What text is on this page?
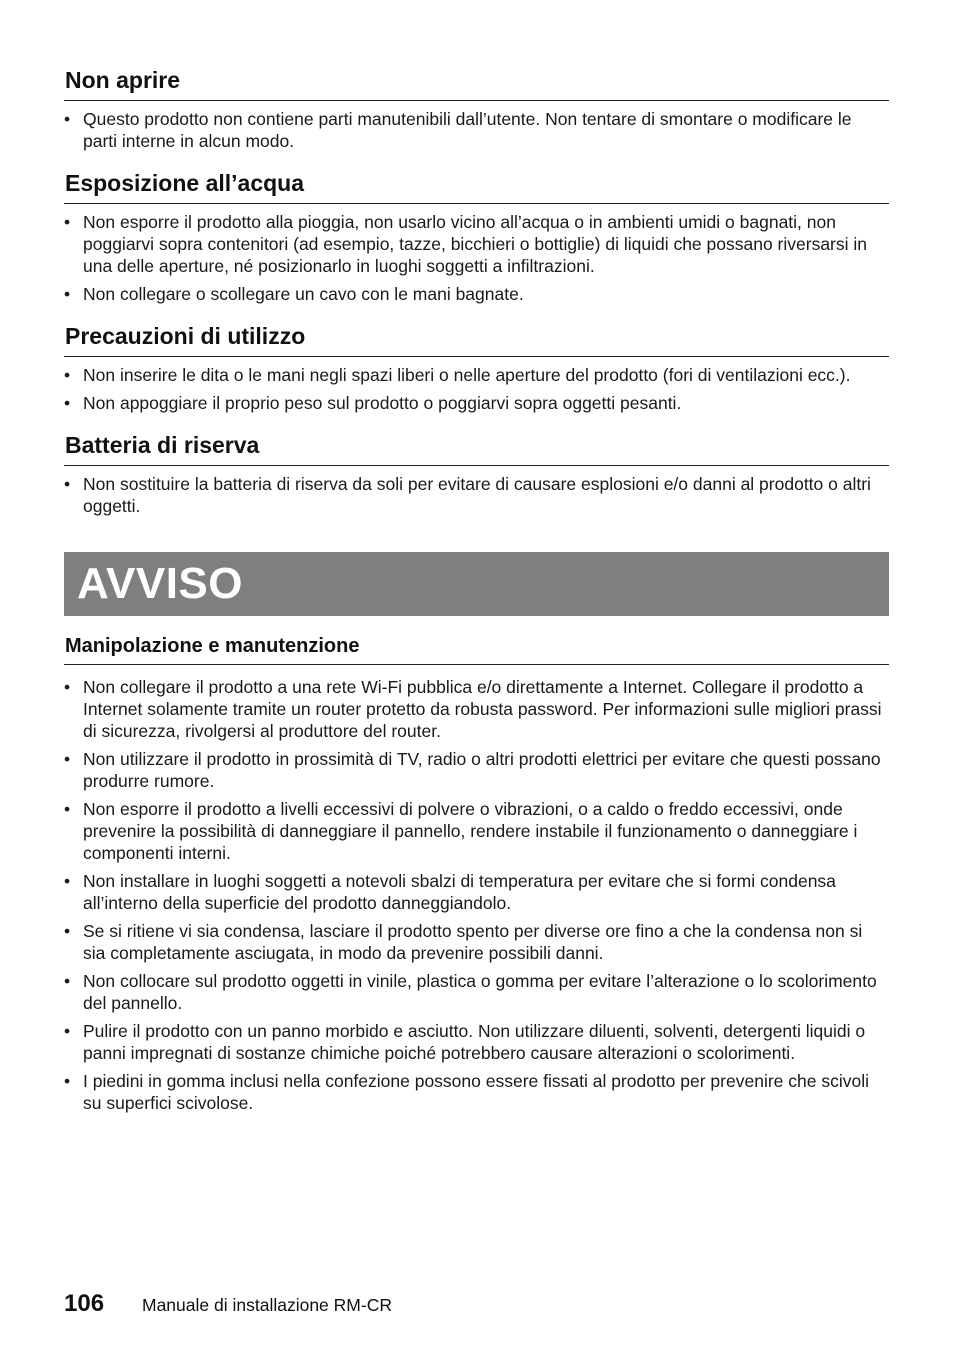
Non aprire
• Questo prodotto non contiene parti manutenibili dall’utente. Non tentare di smontare o modificare le parti interne in alcun modo.
Esposizione all’acqua
• Non esporre il prodotto alla pioggia, non usarlo vicino all’acqua o in ambienti umidi o bagnati, non poggiarvi sopra contenitori (ad esempio, tazze, bicchieri o bottiglie) di liquidi che possano riversarsi in una delle aperture, né posizionarlo in luoghi soggetti a infiltrazioni.
• Non collegare o scollegare un cavo con le mani bagnate.
Precauzioni di utilizzo
• Non inserire le dita o le mani negli spazi liberi o nelle aperture del prodotto (fori di ventilazioni ecc.).
• Non appoggiare il proprio peso sul prodotto o poggiarvi sopra oggetti pesanti.
Batteria di riserva
• Non sostituire la batteria di riserva da soli per evitare di causare esplosioni e/o danni al prodotto o altri oggetti.
AVVISO
Manipolazione e manutenzione
• Non collegare il prodotto a una rete Wi-Fi pubblica e/o direttamente a Internet. Collegare il prodotto a Internet solamente tramite un router protetto da robusta password. Per informazioni sulle migliori prassi di sicurezza, rivolgersi al produttore del router.
• Non utilizzare il prodotto in prossimità di TV, radio o altri prodotti elettrici per evitare che questi possano produrre rumore.
• Non esporre il prodotto a livelli eccessivi di polvere o vibrazioni, o a caldo o freddo eccessivi, onde prevenire la possibilità di danneggiare il pannello, rendere instabile il funzionamento o danneggiare i componenti interni.
• Non installare in luoghi soggetti a notevoli sbalzi di temperatura per evitare che si formi condensa all’interno della superficie del prodotto danneggiandolo.
• Se si ritiene vi sia condensa, lasciare il prodotto spento per diverse ore fino a che la condensa non si sia completamente asciugata, in modo da prevenire possibili danni.
• Non collocare sul prodotto oggetti in vinile, plastica o gomma per evitare l’alterazione o lo scolorimento del pannello.
• Pulire il prodotto con un panno morbido e asciutto. Non utilizzare diluenti, solventi, detergenti liquidi o panni impregnati di sostanze chimiche poiché potrebbero causare alterazioni o scolorimenti.
• I piedini in gomma inclusi nella confezione possono essere fissati al prodotto per prevenire che scivoli su superfici scivolose.
106	Manuale di installazione RM-CR
